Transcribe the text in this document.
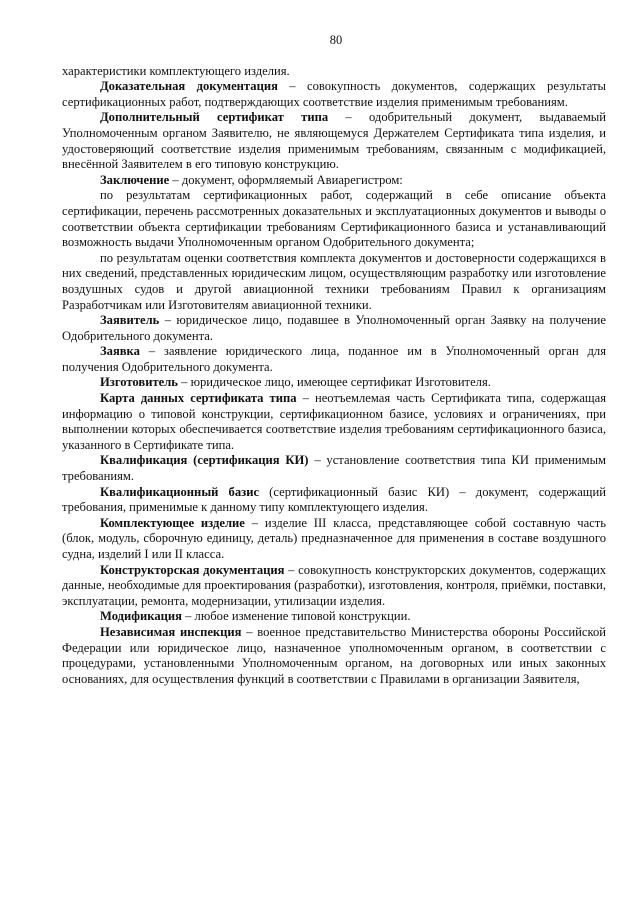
80

характеристики комплектующего изделия.

Доказательная документация – совокупность документов, содержащих результаты сертификационных работ, подтверждающих соответствие изделия применимым требованиям.

Дополнительный сертификат типа – одобрительный документ, выдаваемый Уполномоченным органом Заявителю, не являющемуся Держателем Сертификата типа изделия, и удостоверяющий соответствие изделия применимым требованиям, связанным с модификацией, внесённой Заявителем в его типовую конструкцию.

Заключение – документ, оформляемый Авиарегистром:

по результатам сертификационных работ, содержащий в себе описание объекта сертификации, перечень рассмотренных доказательных и эксплуатационных документов и выводы о соответствии объекта сертификации требованиям Сертификационного базиса и устанавливающий возможность выдачи Уполномоченным органом Одобрительного документа;

по результатам оценки соответствия комплекта документов и достоверности содержащихся в них сведений, представленных юридическим лицом, осуществляющим разработку или изготовление воздушных судов и другой авиационной техники требованиям Правил к организациям Разработчикам или Изготовителям авиационной техники.

Заявитель – юридическое лицо, подавшее в Уполномоченный орган Заявку на получение Одобрительного документа.

Заявка – заявление юридического лица, поданное им в Уполномоченный орган для получения Одобрительного документа.

Изготовитель – юридическое лицо, имеющее сертификат Изготовителя.

Карта данных сертификата типа – неотъемлемая часть Сертификата типа, содержащая информацию о типовой конструкции, сертификационном базисе, условиях и ограничениях, при выполнении которых обеспечивается соответствие изделия требованиям сертификационного базиса, указанного в Сертификате типа.

Квалификация (сертификация КИ) – установление соответствия типа КИ применимым требованиям.

Квалификационный базис (сертификационный базис КИ) – документ, содержащий требования, применимые к данному типу комплектующего изделия.

Комплектующее изделие – изделие III класса, представляющее собой составную часть (блок, модуль, сборочную единицу, деталь) предназначенное для применения в составе воздушного судна, изделий I или II класса.

Конструкторская документация – совокупность конструкторских документов, содержащих данные, необходимые для проектирования (разработки), изготовления, контроля, приёмки, поставки, эксплуатации, ремонта, модернизации, утилизации изделия.

Модификация – любое изменение типовой конструкции.

Независимая инспекция – военное представительство Министерства обороны Российской Федерации или юридическое лицо, назначенное уполномоченным органом, в соответствии с процедурами, установленными Уполномоченным органом, на договорных или иных законных основаниях, для осуществления функций в соответствии с Правилами в организации Заявителя,
